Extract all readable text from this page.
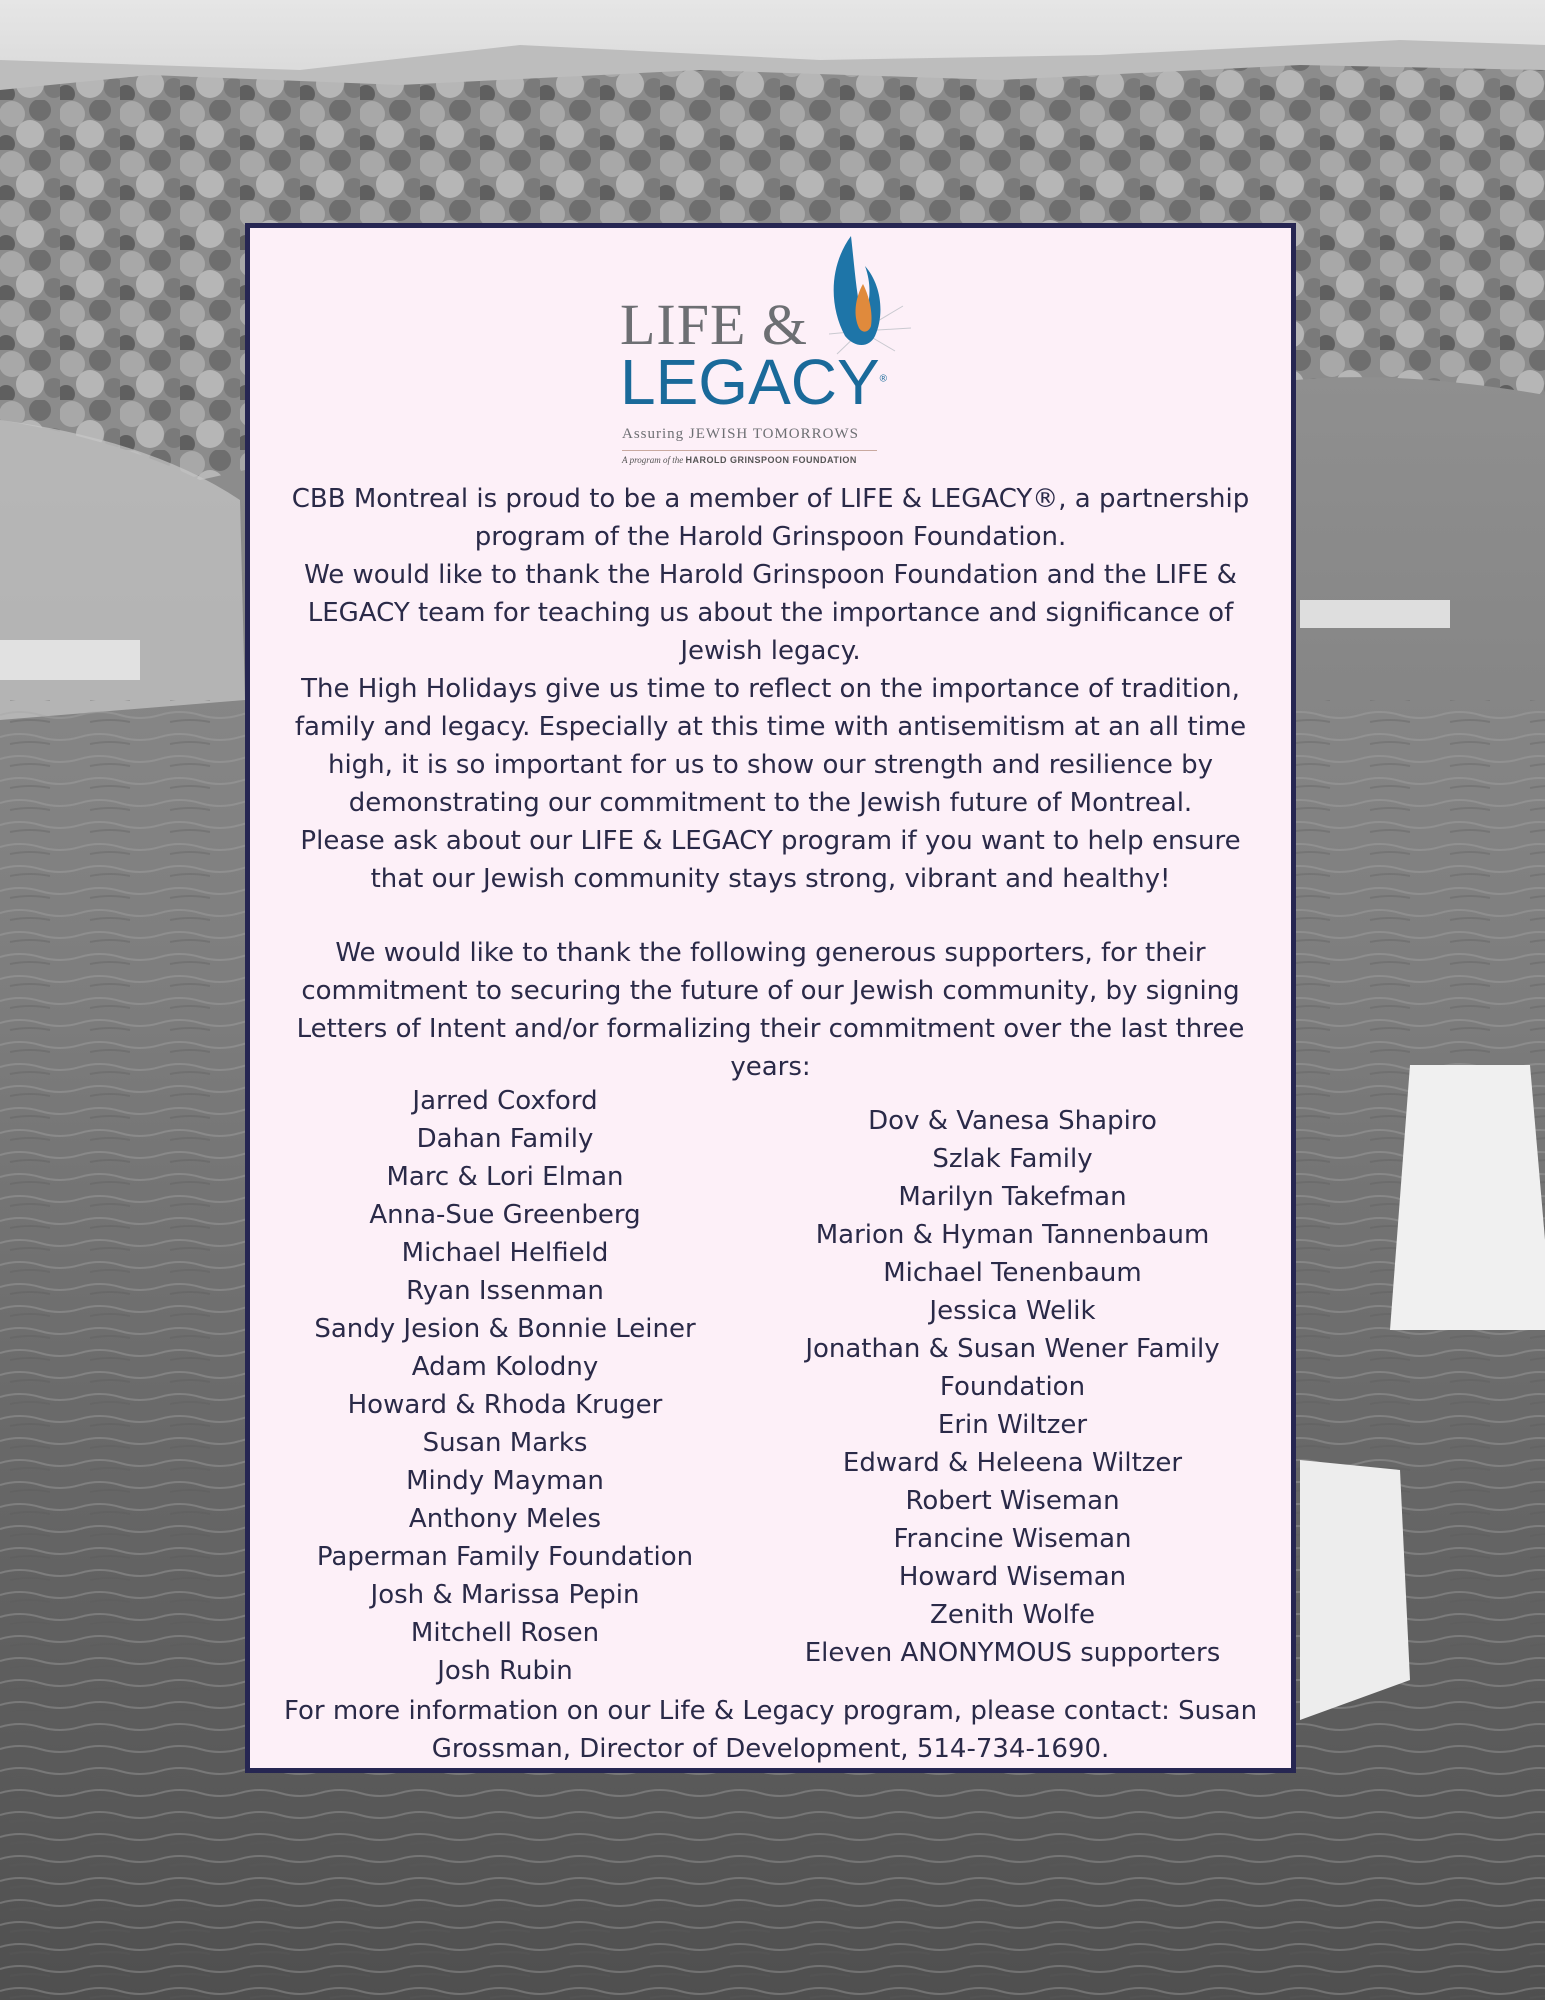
LIFE &
LEGACY®
Assuring JEWISH TOMORROWS
A program of the HAROLD GRINSPOON FOUNDATION

CBB Montreal is proud to be a member of LIFE & LEGACY®, a partnership program of the Harold Grinspoon Foundation.

We would like to thank the Harold Grinspoon Foundation and the LIFE & LEGACY team for teaching us about the importance and significance of Jewish legacy.

The High Holidays give us time to reflect on the importance of tradition, family and legacy. Especially at this time with antisemitism at an all time high, it is so important for us to show our strength and resilience by demonstrating our commitment to the Jewish future of Montreal.

Please ask about our LIFE & LEGACY program if you want to help ensure that our Jewish community stays strong, vibrant and healthy!

We would like to thank the following generous supporters, for their commitment to securing the future of our Jewish community, by signing Letters of Intent and/or formalizing their commitment over the last three years:

Jarred Coxford
Dahan Family
Marc & Lori Elman
Anna-Sue Greenberg
Michael Helfield
Ryan Issenman
Sandy Jesion & Bonnie Leiner
Adam Kolodny
Howard & Rhoda Kruger
Susan Marks
Mindy Mayman
Anthony Meles
Paperman Family Foundation
Josh & Marissa Pepin
Mitchell Rosen
Josh Rubin
Dov & Vanesa Shapiro
Szlak Family
Marilyn Takefman
Marion & Hyman Tannenbaum
Michael Tenenbaum
Jessica Welik
Jonathan & Susan Wener Family Foundation
Erin Wiltzer
Edward & Heleena Wiltzer
Robert Wiseman
Francine Wiseman
Howard Wiseman
Zenith Wolfe
Eleven ANONYMOUS supporters
For more information on our Life & Legacy program, please contact: Susan Grossman, Director of Development, 514-734-1690.
